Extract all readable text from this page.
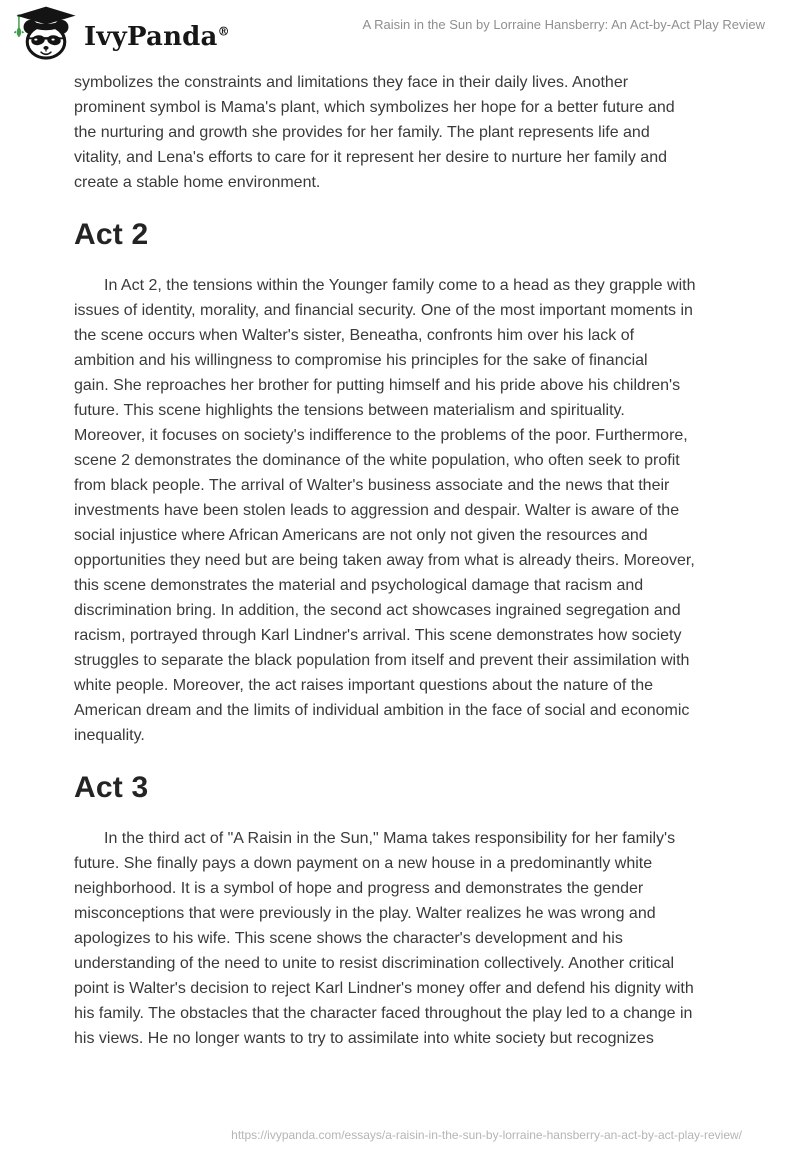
IvyPanda®	A Raisin in the Sun by Lorraine Hansberry: An Act-by-Act Play Review
symbolizes the constraints and limitations they face in their daily lives. Another
prominent symbol is Mama's plant, which symbolizes her hope for a better future and
the nurturing and growth she provides for her family. The plant represents life and
vitality, and Lena's efforts to care for it represent her desire to nurture her family and
create a stable home environment.
Act 2
In Act 2, the tensions within the Younger family come to a head as they grapple with
issues of identity, morality, and financial security. One of the most important moments in
the scene occurs when Walter's sister, Beneatha, confronts him over his lack of
ambition and his willingness to compromise his principles for the sake of financial
gain. She reproaches her brother for putting himself and his pride above his children's
future. This scene highlights the tensions between materialism and spirituality.
Moreover, it focuses on society's indifference to the problems of the poor. Furthermore,
scene 2 demonstrates the dominance of the white population, who often seek to profit
from black people. The arrival of Walter's business associate and the news that their
investments have been stolen leads to aggression and despair. Walter is aware of the
social injustice where African Americans are not only not given the resources and
opportunities they need but are being taken away from what is already theirs. Moreover,
this scene demonstrates the material and psychological damage that racism and
discrimination bring. In addition, the second act showcases ingrained segregation and
racism, portrayed through Karl Lindner's arrival. This scene demonstrates how society
struggles to separate the black population from itself and prevent their assimilation with
white people. Moreover, the act raises important questions about the nature of the
American dream and the limits of individual ambition in the face of social and economic
inequality.
Act 3
In the third act of "A Raisin in the Sun," Mama takes responsibility for her family's
future. She finally pays a down payment on a new house in a predominantly white
neighborhood. It is a symbol of hope and progress and demonstrates the gender
misconceptions that were previously in the play. Walter realizes he was wrong and
apologizes to his wife. This scene shows the character's development and his
understanding of the need to unite to resist discrimination collectively. Another critical
point is Walter's decision to reject Karl Lindner's money offer and defend his dignity with
his family. The obstacles that the character faced throughout the play led to a change in
his views. He no longer wants to try to assimilate into white society but recognizes
https://ivypanda.com/essays/a-raisin-in-the-sun-by-lorraine-hansberry-an-act-by-act-play-review/
